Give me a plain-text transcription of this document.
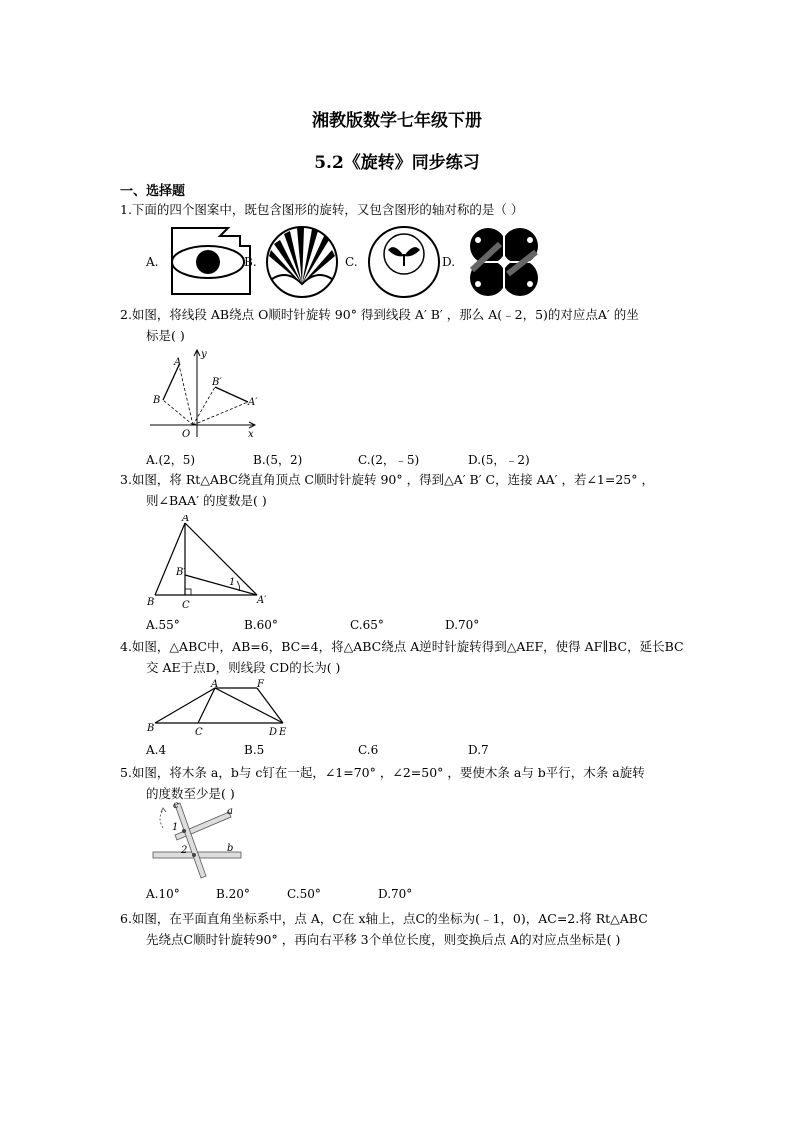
湘教版数学七年级下册
5.2《旋转》同步练习
一、选择题
1.下面的四个图案中，既包含图形的旋转，又包含图形的轴对称的是（ ）
A.	B.	C.	D.
2.如图，将线段 AB绕点 O顺时针旋转 90° 得到线段 A′ B′ ，那么 A(﹣2，5)的对应点A′ 的坐
标是( )
A
B
B′
A′
O	x
y
A.(2，5)	B.(5，2)	C.(2，﹣5)	D.(5，﹣2)
3.如图，将 Rt△ABC绕直角顶点 C顺时针旋转 90° ，得到△A′ B′ C，连接 AA′ ，若∠1=25° ，
则∠BAA′ 的度数是( )
A
B	C
B′
A′
1
A.55°	B.60°	C.65°	D.70°
4.如图，△ABC中，AB=6，BC=4，将△ABC绕点 A逆时针旋转得到△AEF，使得 AF∥BC，延长BC
交 AE于点D，则线段 CD的长为( )
A	F
B	C	D E
A.4	B.5	C.6	D.7
5.如图，将木条 a，b与 c钉在一起，∠1=70° ，∠2=50° ，要使木条 a与 b平行，木条 a旋转
的度数至少是( )
c
a
b
1
2
A.10°	B.20°	C.50°	D.70°
6.如图，在平面直角坐标系中，点 A，C在 x轴上，点C的坐标为(﹣1，0)，AC=2.将 Rt△ABC
先绕点C顺时针旋转90° ，再向右平移 3个单位长度，则变换后点 A的对应点坐标是( )
